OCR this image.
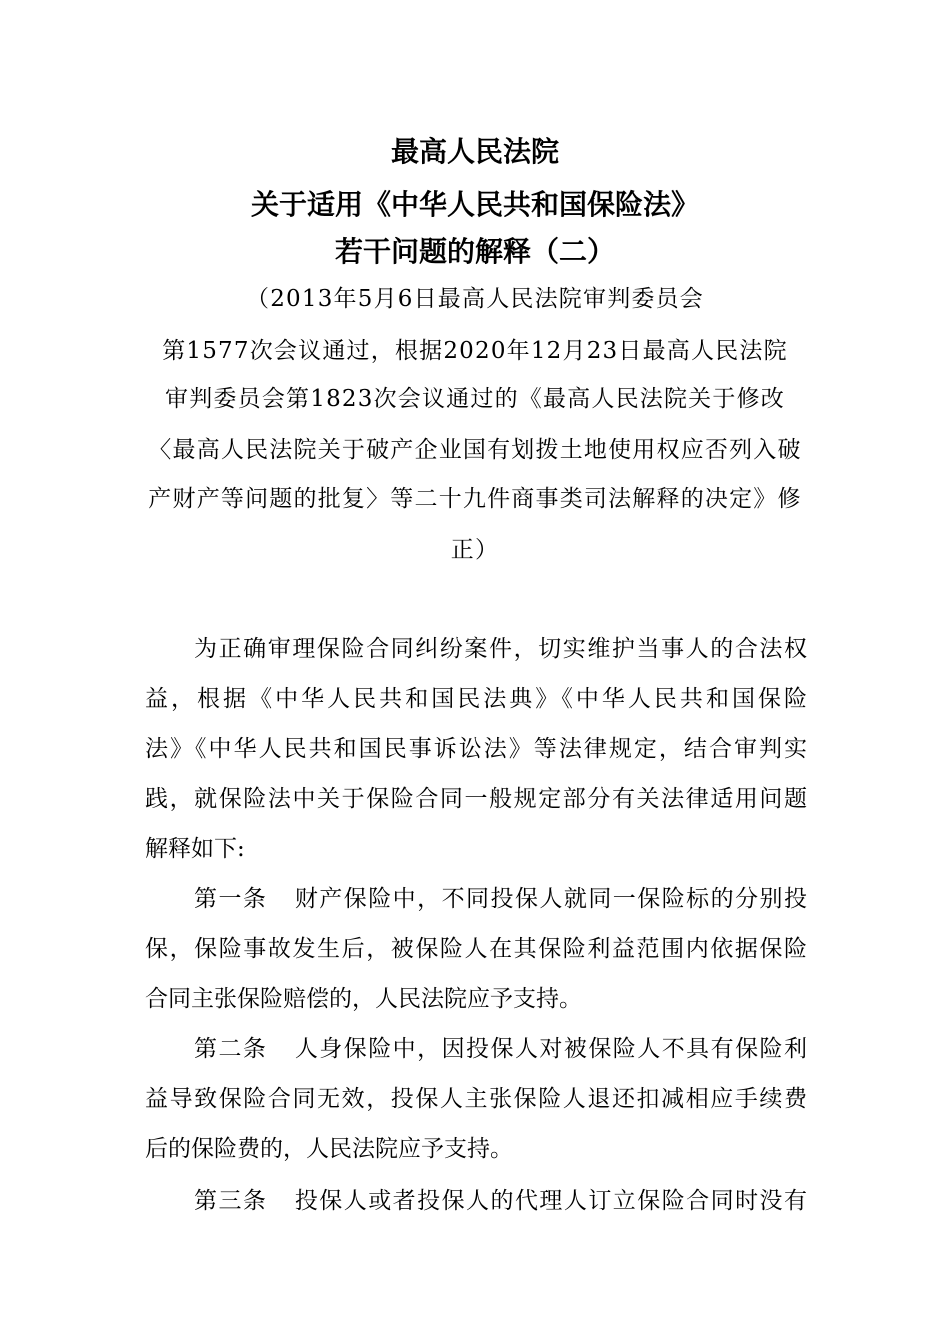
最高人民法院
关于适用《中华人民共和国保险法》
若干问题的解释（二）
（2013年5月6日最高人民法院审判委员会
第1577次会议通过，根据2020年12月23日最高人民法院
审判委员会第1823次会议通过的《最高人民法院关于修改
〈最高人民法院关于破产企业国有划拨土地使用权应否列入破
产财产等问题的批复〉等二十九件商事类司法解释的决定》修
正）
为正确审理保险合同纠纷案件，切实维护当事人的合法权
益，根据《中华人民共和国民法典》《中华人民共和国保险
法》《中华人民共和国民事诉讼法》等法律规定，结合审判实
践，就保险法中关于保险合同一般规定部分有关法律适用问题
解释如下:
第一条 财产保险中，不同投保人就同一保险标的分别投
保，保险事故发生后，被保险人在其保险利益范围内依据保险
合同主张保险赔偿的，人民法院应予支持。
第二条 人身保险中，因投保人对被保险人不具有保险利
益导致保险合同无效，投保人主张保险人退还扣减相应手续费
后的保险费的，人民法院应予支持。
第三条 投保人或者投保人的代理人订立保险合同时没有
